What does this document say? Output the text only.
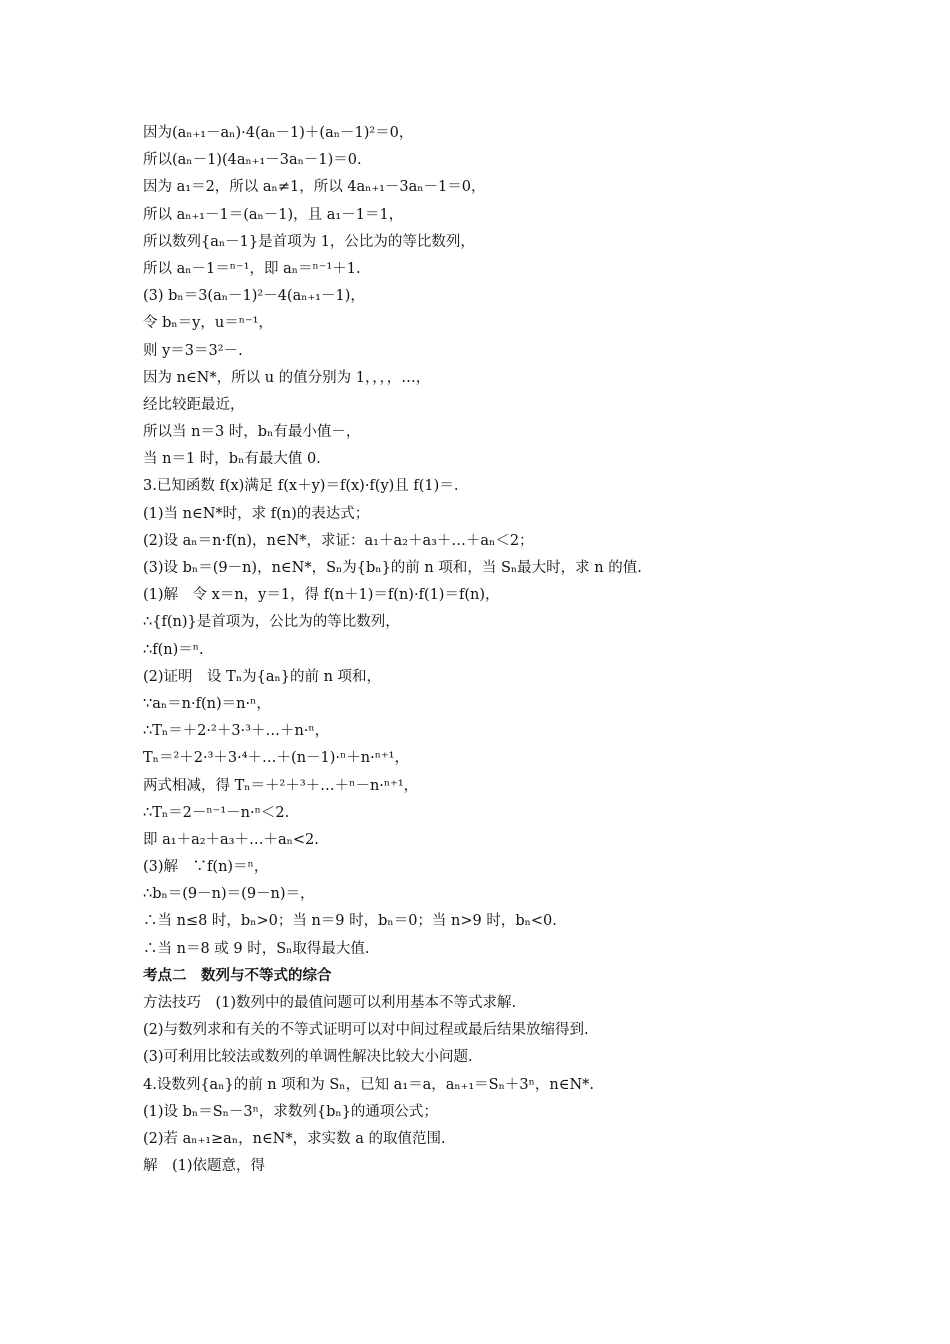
因为(aₙ₊₁－aₙ)·4(aₙ－1)＋(aₙ－1)²＝0，
所以(aₙ－1)(4aₙ₊₁－3aₙ－1)＝0.
因为 a₁＝2，所以 aₙ≠1，所以 4aₙ₊₁－3aₙ－1＝0，
所以 aₙ₊₁－1＝(aₙ－1)，且 a₁－1＝1，
所以数列{aₙ－1}是首项为 1，公比为的等比数列，
所以 aₙ－1＝ⁿ⁻¹，即 aₙ＝ⁿ⁻¹＋1.
(3) bₙ＝3(aₙ－1)²－4(aₙ₊₁－1)，
令 bₙ＝y，u＝ⁿ⁻¹，
则 y＝3＝3²－.
因为 n∈N*，所以 u 的值分别为 1，，，，…，
经比较距最近，
所以当 n＝3 时，bₙ有最小值－，
当 n＝1 时，bₙ有最大值 0.
3.已知函数 f(x)满足 f(x＋y)＝f(x)·f(y)且 f(1)＝.
(1)当 n∈N*时，求 f(n)的表达式；
(2)设 aₙ＝n·f(n)，n∈N*，求证：a₁＋a₂＋a₃＋…＋aₙ＜2；
(3)设 bₙ＝(9－n)，n∈N*，Sₙ为{bₙ}的前 n 项和，当 Sₙ最大时，求 n 的值.
(1)解　令 x＝n，y＝1，得 f(n＋1)＝f(n)·f(1)＝f(n)，
∴{f(n)}是首项为，公比为的等比数列，
∴f(n)＝ⁿ.
(2)证明　设 Tₙ为{aₙ}的前 n 项和，
∵aₙ＝n·f(n)＝n·ⁿ，
∴Tₙ＝＋2·²＋3·³＋…＋n·ⁿ，
Tₙ＝²＋2·³＋3·⁴＋…＋(n－1)·ⁿ＋n·ⁿ⁺¹，
两式相减，得 Tₙ＝＋²＋³＋…＋ⁿ－n·ⁿ⁺¹，
∴Tₙ＝2－ⁿ⁻¹－n·ⁿ＜2.
即 a₁＋a₂＋a₃＋…＋aₙ<2.
(3)解　∵f(n)＝ⁿ，
∴bₙ＝(9－n)＝(9－n)＝，
∴当 n≤8 时，bₙ>0；当 n＝9 时，bₙ＝0；当 n>9 时，bₙ<0.
∴当 n＝8 或 9 时，Sₙ取得最大值.
考点二　数列与不等式的综合
方法技巧　(1)数列中的最值问题可以利用基本不等式求解.
(2)与数列求和有关的不等式证明可以对中间过程或最后结果放缩得到.
(3)可利用比较法或数列的单调性解决比较大小问题.
4.设数列{aₙ}的前 n 项和为 Sₙ，已知 a₁＝a，aₙ₊₁＝Sₙ＋3ⁿ，n∈N*.
(1)设 bₙ＝Sₙ－3ⁿ，求数列{bₙ}的通项公式；
(2)若 aₙ₊₁≥aₙ，n∈N*，求实数 a 的取值范围.
解　(1)依题意，得
